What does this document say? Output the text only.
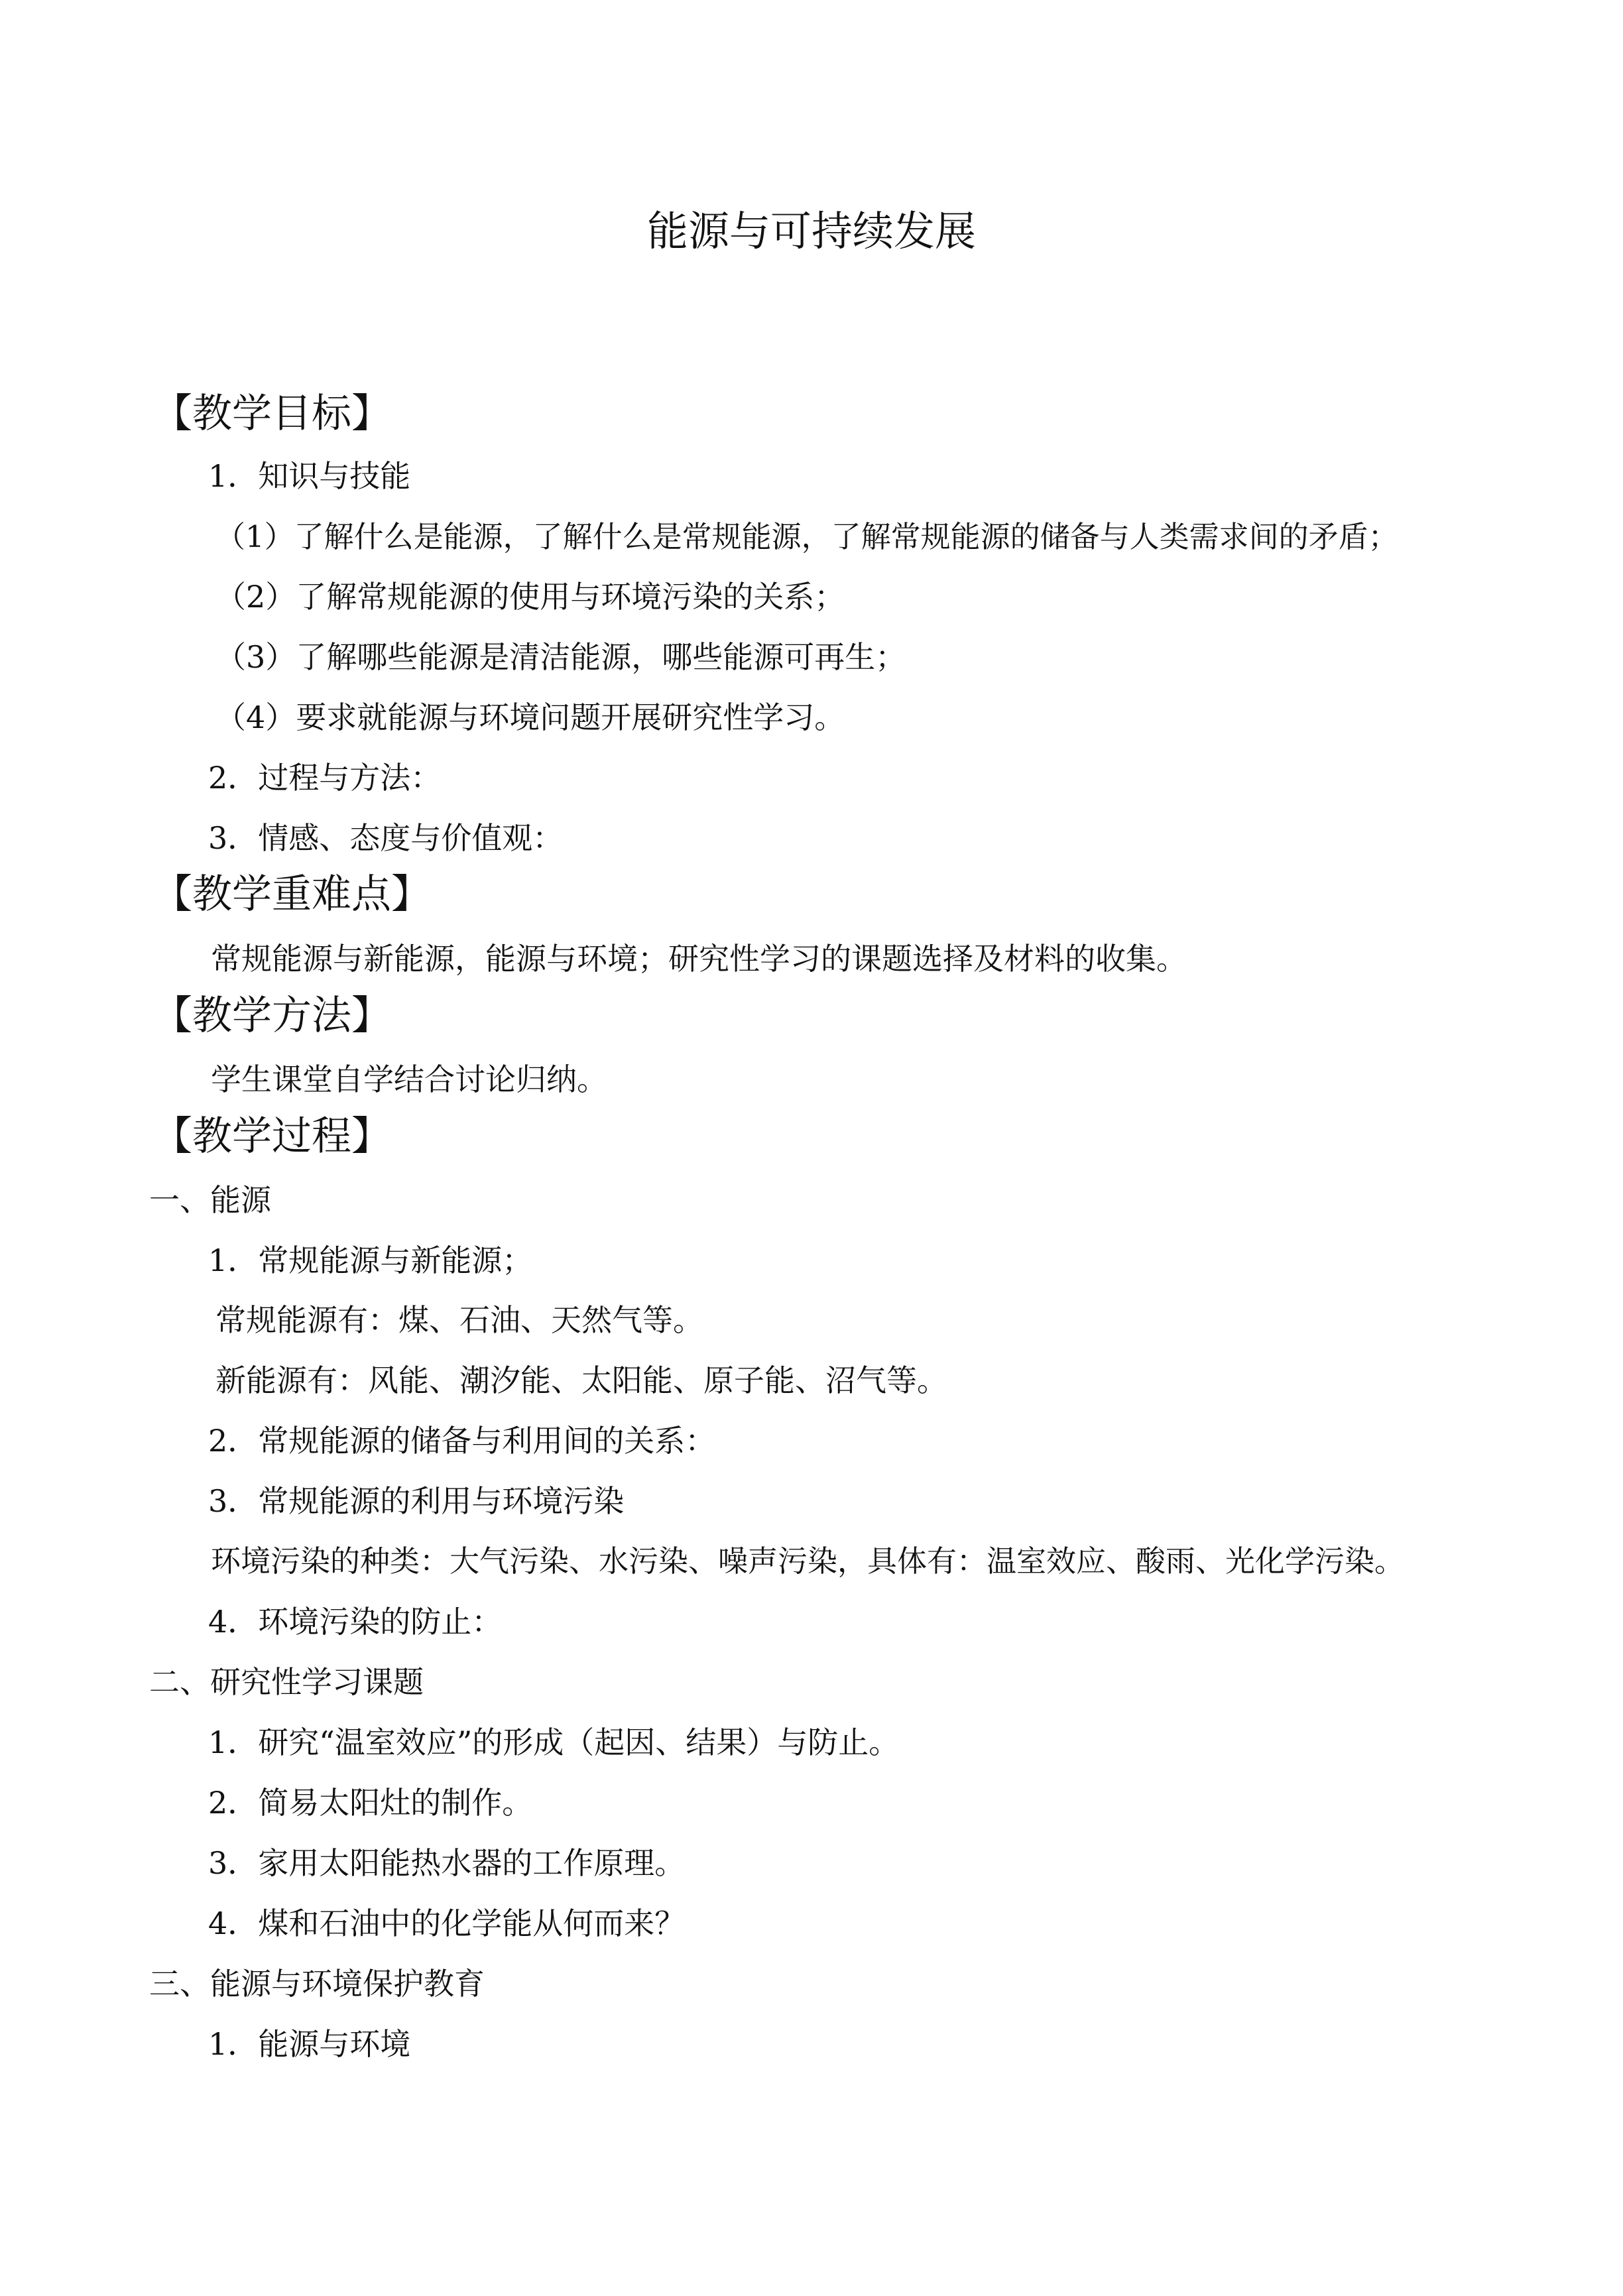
能源与可持续发展
【教学目标】
1．知识与技能
（1）了解什么是能源，了解什么是常规能源，了解常规能源的储备与人类需求间的矛盾；
（2）了解常规能源的使用与环境污染的关系；
（3）了解哪些能源是清洁能源，哪些能源可再生；
（4）要求就能源与环境问题开展研究性学习。
2．过程与方法：
3．情感、态度与价值观：
【教学重难点】
常规能源与新能源，能源与环境；研究性学习的课题选择及材料的收集。
【教学方法】
学生课堂自学结合讨论归纳。
【教学过程】
一、能源
1．常规能源与新能源；
常规能源有：煤、石油、天然气等。
新能源有：风能、潮汐能、太阳能、原子能、沼气等。
2．常规能源的储备与利用间的关系：
3．常规能源的利用与环境污染
环境污染的种类：大气污染、水污染、噪声污染，具体有：温室效应、酸雨、光化学污染。
4．环境污染的防止：
二、研究性学习课题
1．研究“温室效应”的形成（起因、结果）与防止。
2．简易太阳灶的制作。
3．家用太阳能热水器的工作原理。
4．煤和石油中的化学能从何而来？
三、能源与环境保护教育
1．能源与环境
